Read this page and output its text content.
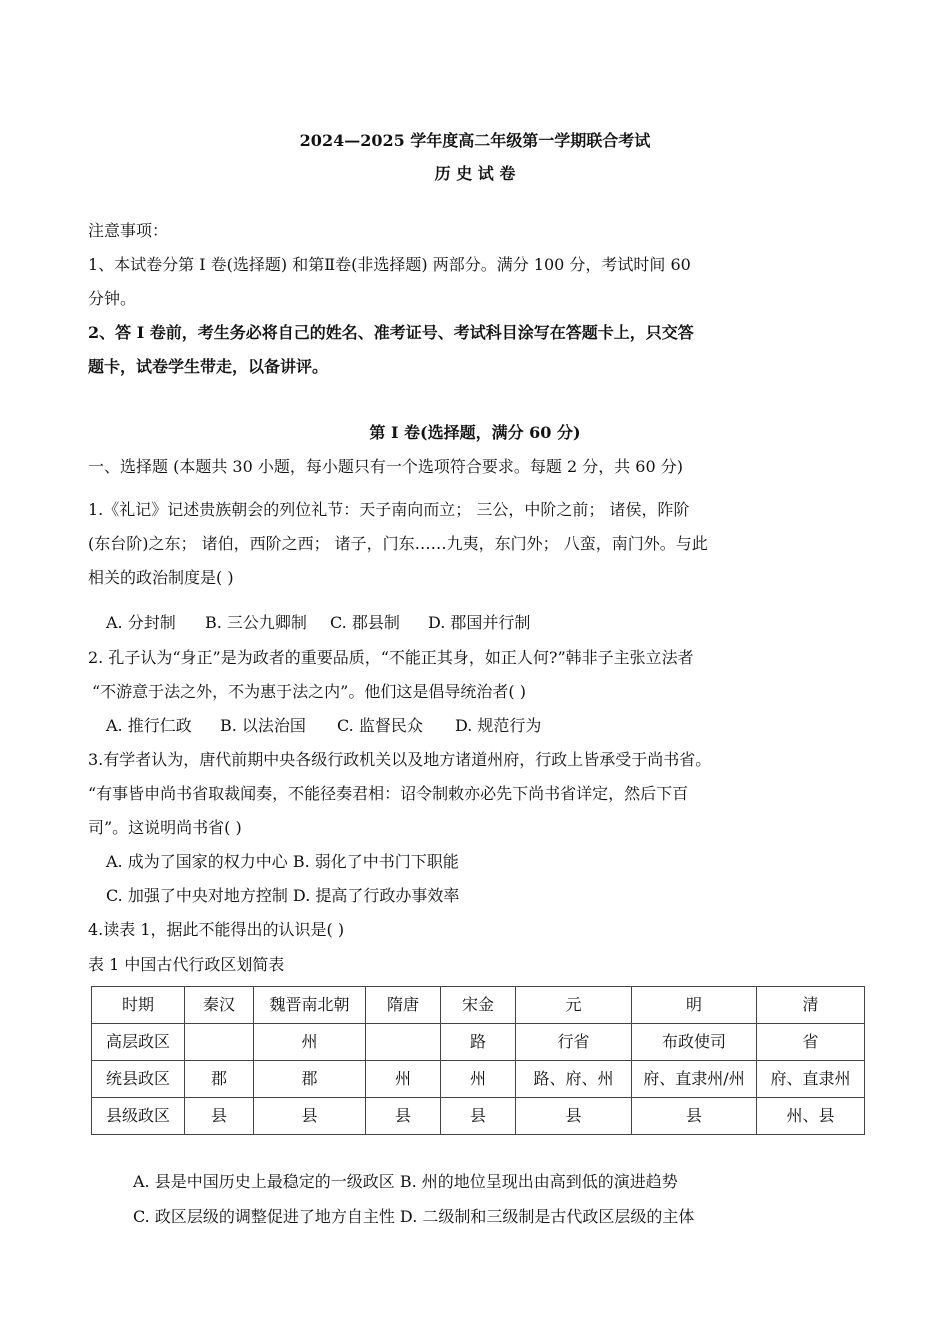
2024—2025 学年度高二年级第一学期联合考试
历 史 试 卷
注意事项：
1、本试卷分第 I 卷(选择题) 和第Ⅱ卷(非选择题) 两部分。满分 100 分，考试时间 60
分钟。
2、答 I 卷前，考生务必将自己的姓名、准考证号、考试科目涂写在答题卡上，只交答
题卡，试卷学生带走，以备讲评。
第 I 卷(选择题，满分 60 分)
一、选择题 (本题共 30 小题，每小题只有一个选项符合要求。每题 2 分，共 60 分)
1.《礼记》记述贵族朝会的列位礼节：天子南向而立； 三公，中阶之前； 诸侯，阼阶
(东台阶)之东； 诸伯，西阶之西； 诸子，门东……九夷，东门外； 八蛮，南门外。与此
相关的政治制度是( )
A. 分封制 B. 三公九卿制 C. 郡县制 D. 郡国并行制
2. 孔子认为“身正”是为政者的重要品质，“不能正其身，如正人何?”韩非子主张立法者
“不游意于法之外，不为惠于法之内”。他们这是倡导统治者( )
A. 推行仁政 B. 以法治国 C. 监督民众 D. 规范行为
3.有学者认为，唐代前期中央各级行政机关以及地方诸道州府，行政上皆承受于尚书省。
“有事皆申尚书省取裁闻奏，不能径奏君相：诏令制敕亦必先下尚书省详定，然后下百
司”。这说明尚书省( )
A. 成为了国家的权力中心 B. 弱化了中书门下职能
C. 加强了中央对地方控制 D. 提高了行政办事效率
4.读表 1，据此不能得出的认识是( )
表 1 中国古代行政区划简表
时期	秦汉	魏晋南北朝	隋唐	宋金	元	明	清
高层政区		州		路	行省	布政使司	省
统县政区	郡	郡	州	州	路、府、州	府、直隶州/州	府、直隶州
县级政区	县	县	县	县	县	县	州、县
A. 县是中国历史上最稳定的一级政区 B. 州的地位呈现出由高到低的演进趋势
C. 政区层级的调整促进了地方自主性 D. 二级制和三级制是古代政区层级的主体
